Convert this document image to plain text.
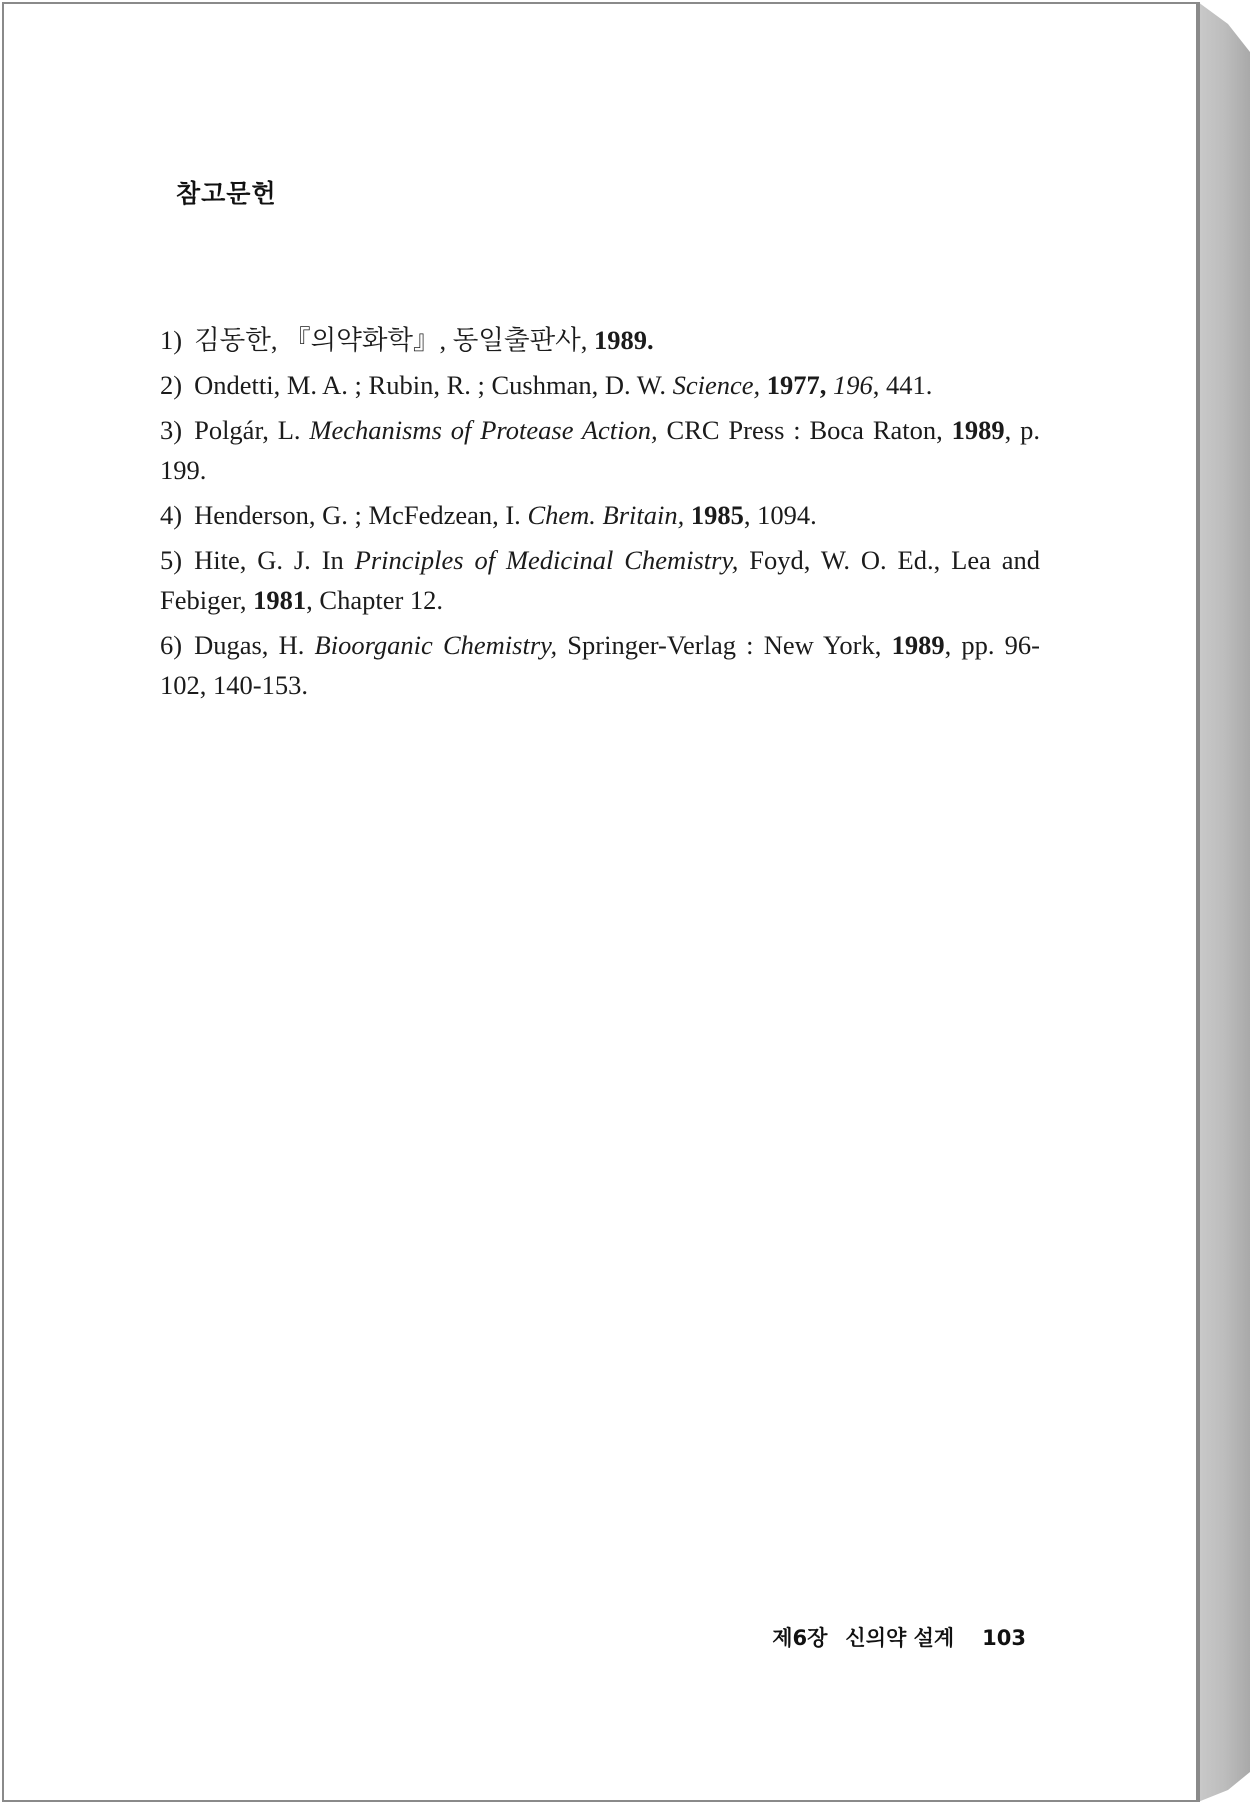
참고문헌
1) 김동한, 『의약화학』, 동일출판사, 1989.
2) Ondetti, M. A. ; Rubin, R. ; Cushman, D. W. Science, 1977, 196, 441.
3) Polgár, L. Mechanisms of Protease Action, CRC Press : Boca Raton, 1989, p. 199.
4) Henderson, G. ; McFedzean, I. Chem. Britain, 1985, 1094.
5) Hite, G. J. In Principles of Medicinal Chemistry, Foyd, W. O. Ed., Lea and Febiger, 1981, Chapter 12.
6) Dugas, H. Bioorganic Chemistry, Springer-Verlag : New York, 1989, pp. 96-102, 140-153.
제6장 신의약 설계 103
